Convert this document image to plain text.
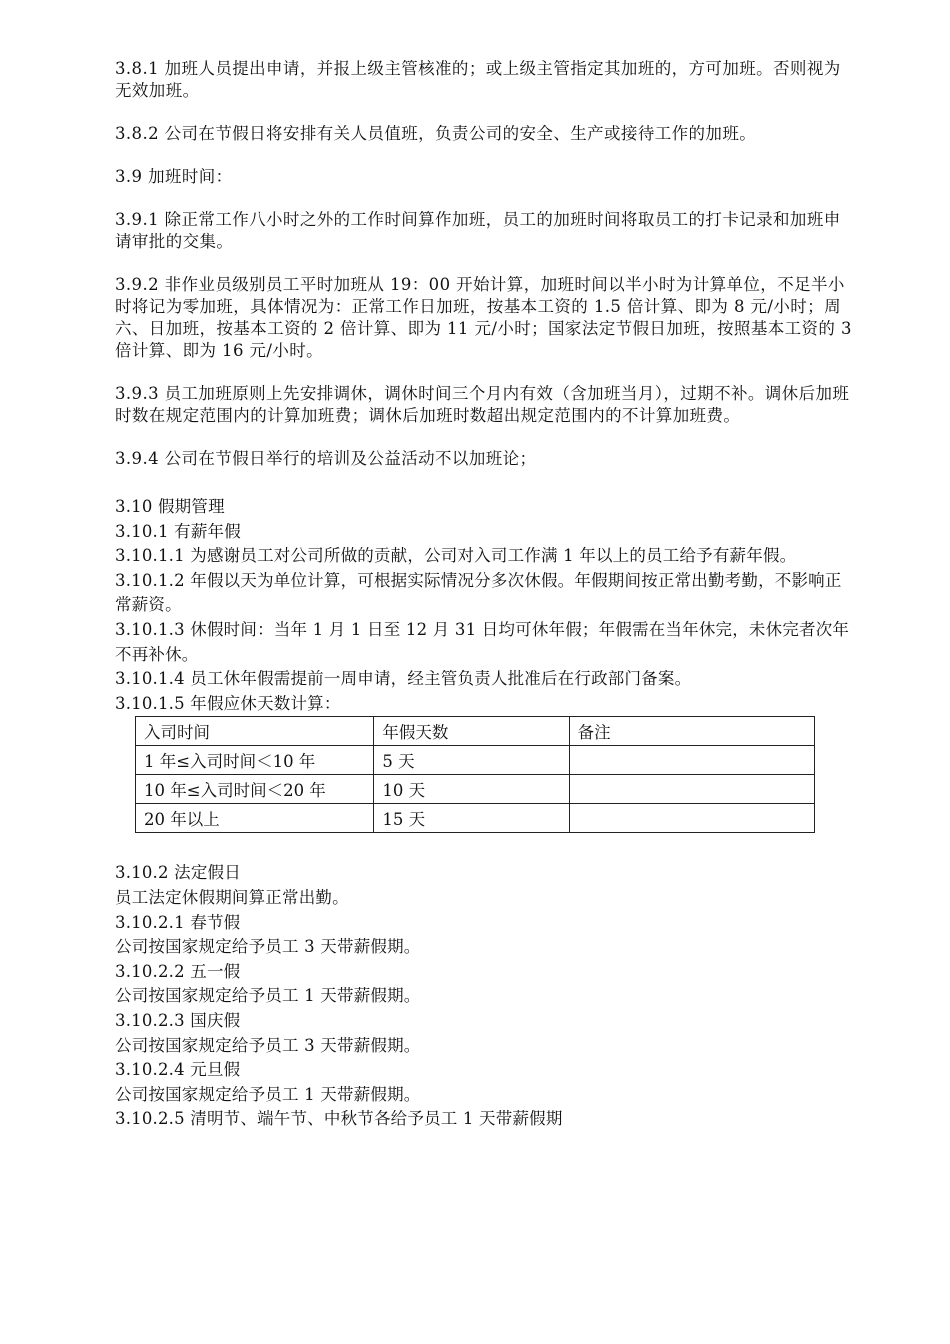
3.8.1 加班人员提出申请，并报上级主管核准的；或上级主管指定其加班的，方可加班。否则视为无效加班。

3.8.2 公司在节假日将安排有关人员值班，负责公司的安全、生产或接待工作的加班。

3.9 加班时间：

3.9.1 除正常工作八小时之外的工作时间算作加班，员工的加班时间将取员工的打卡记录和加班申请审批的交集。

3.9.2 非作业员级别员工平时加班从 19：00 开始计算，加班时间以半小时为计算单位，不足半小时将记为零加班，具体情况为：正常工作日加班，按基本工资的 1.5 倍计算、即为 8 元/小时；周六、日加班，按基本工资的 2 倍计算、即为 11 元/小时；国家法定节假日加班，按照基本工资的 3 倍计算、即为 16 元/小时。

3.9.3 员工加班原则上先安排调休，调休时间三个月内有效（含加班当月），过期不补。调休后加班时数在规定范围内的计算加班费；调休后加班时数超出规定范围内的不计算加班费。

3.9.4 公司在节假日举行的培训及公益活动不以加班论；

3.10 假期管理

3.10.1 有薪年假

3.10.1.1 为感谢员工对公司所做的贡献，公司对入司工作满 1 年以上的员工给予有薪年假。

3.10.1.2 年假以天为单位计算，可根据实际情况分多次休假。年假期间按正常出勤考勤，不影响正常薪资。

3.10.1.3 休假时间：当年 1 月 1 日至 12 月 31 日均可休年假；年假需在当年休完，未休完者次年不再补休。

3.10.1.4 员工休年假需提前一周申请，经主管负责人批准后在行政部门备案。

3.10.1.5 年假应休天数计算：

入司时间	年假天数	备注
1 年≤入司时间＜10 年	5 天	
10 年≤入司时间＜20 年	10 天	
20 年以上	15 天	

3.10.2 法定假日

员工法定休假期间算正常出勤。

3.10.2.1 春节假

公司按国家规定给予员工 3 天带薪假期。

3.10.2.2 五一假

公司按国家规定给予员工 1 天带薪假期。

3.10.2.3 国庆假

公司按国家规定给予员工 3 天带薪假期。

3.10.2.4 元旦假

公司按国家规定给予员工 1 天带薪假期。

3.10.2.5 清明节、端午节、中秋节各给予员工 1 天带薪假期
